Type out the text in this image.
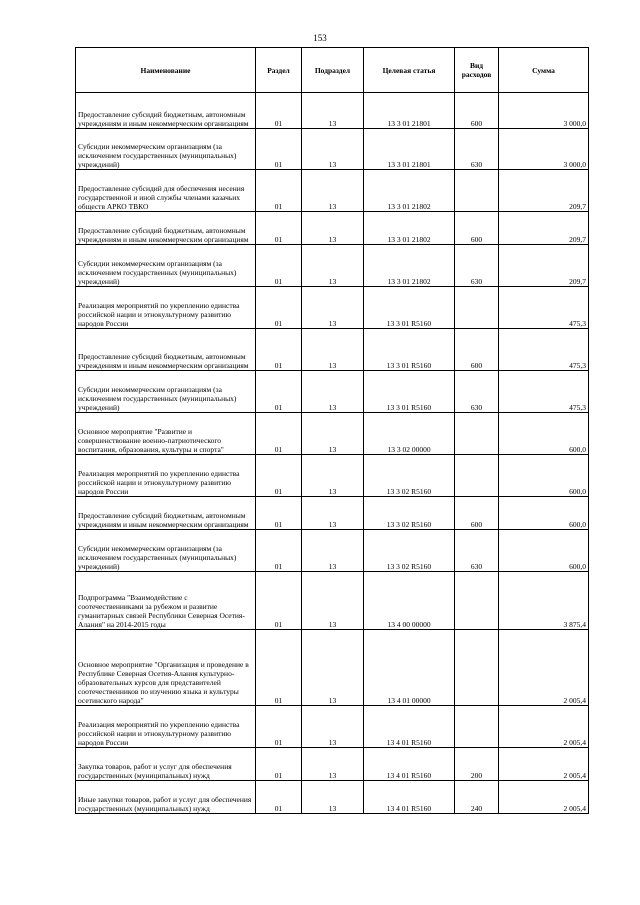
153
Наименование	Раздел	Подраздел	Целевая статья	Вид расходов	Сумма
Предоставление субсидий бюджетным, автономным учреждениям и иным некоммерческим организациям	01	13	13 3 01 21801	600	3 000,0
Субсидии некоммерческим организациям (за исключением государственных (муниципальных) учреждений)	01	13	13 3 01 21801	630	3 000,0
Предоставление субсидий для обеспечения несения государственной и иной службы членами казачьих обществ АРКО ТВКО	01	13	13 3 01 21802		209,7
Предоставление субсидий бюджетным, автономным учреждениям и иным некоммерческим организациям	01	13	13 3 01 21802	600	209,7
Субсидии некоммерческим организациям (за исключением государственных (муниципальных) учреждений)	01	13	13 3 01 21802	630	209,7
Реализация мероприятий по укреплению единства российской нации и этнокультурному развитию народов России	01	13	13 3 01 R5160		475,3
Предоставление субсидий бюджетным, автономным учреждениям и иным некоммерческим организациям	01	13	13 3 01 R5160	600	475,3
Субсидии некоммерческим организациям (за исключением государственных (муниципальных) учреждений)	01	13	13 3 01 R5160	630	475,3
Основное мероприятие "Развитие и совершенствование военно-патриотического воспитания, образования, культуры и спорта"	01	13	13 3 02 00000		600,0
Реализация мероприятий по укреплению единства российской нации и этнокультурному развитию народов России	01	13	13 3 02 R5160		600,0
Предоставление субсидий бюджетным, автономным учреждениям и иным некоммерческим организациям	01	13	13 3 02 R5160	600	600,0
Субсидии некоммерческим организациям (за исключением государственных (муниципальных) учреждений)	01	13	13 3 02 R5160	630	600,0
Подпрограмма "Взаимодействие с соотечественниками за рубежом и развитие гуманитарных связей Республики Северная Осетия-Алания" на 2014-2015 годы	01	13	13 4 00 00000		3 875,4
Основное мероприятие "Организация и проведение в Республике Северная Осетия-Алания культурно-образовательных курсов для представителей соотечественников по изучению языка и культуры осетинского народа"	01	13	13 4 01 00000		2 005,4
Реализация мероприятий по укреплению единства российской нации и этнокультурному развитию народов России	01	13	13 4 01 R5160		2 005,4
Закупка товаров, работ и услуг для обеспечения государственных (муниципальных) нужд	01	13	13 4 01 R5160	200	2 005,4
Иные закупки товаров, работ и услуг для обеспечения государственных (муниципальных) нужд	01	13	13 4 01 R5160	240	2 005,4
